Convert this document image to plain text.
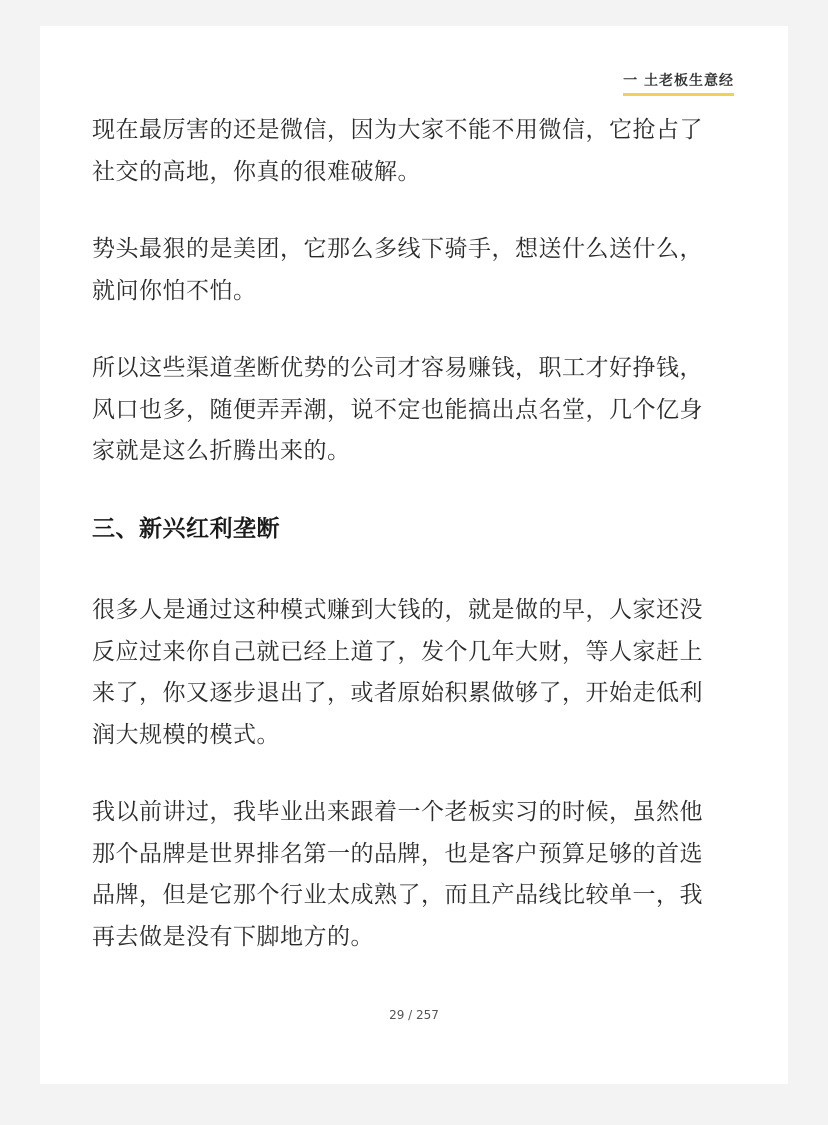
一 土老板生意经

现在最厉害的还是微信，因为大家不能不用微信，它抢占了
社交的高地，你真的很难破解。

势头最狠的是美团，它那么多线下骑手，想送什么送什么，
就问你怕不怕。

所以这些渠道垄断优势的公司才容易赚钱，职工才好挣钱，
风口也多，随便弄弄潮，说不定也能搞出点名堂，几个亿身
家就是这么折腾出来的。

三、新兴红利垄断

很多人是通过这种模式赚到大钱的，就是做的早，人家还没
反应过来你自己就已经上道了，发个几年大财，等人家赶上
来了，你又逐步退出了，或者原始积累做够了，开始走低利
润大规模的模式。

我以前讲过，我毕业出来跟着一个老板实习的时候，虽然他
那个品牌是世界排名第一的品牌，也是客户预算足够的首选
品牌，但是它那个行业太成熟了，而且产品线比较单一，我
再去做是没有下脚地方的。

29 / 257
